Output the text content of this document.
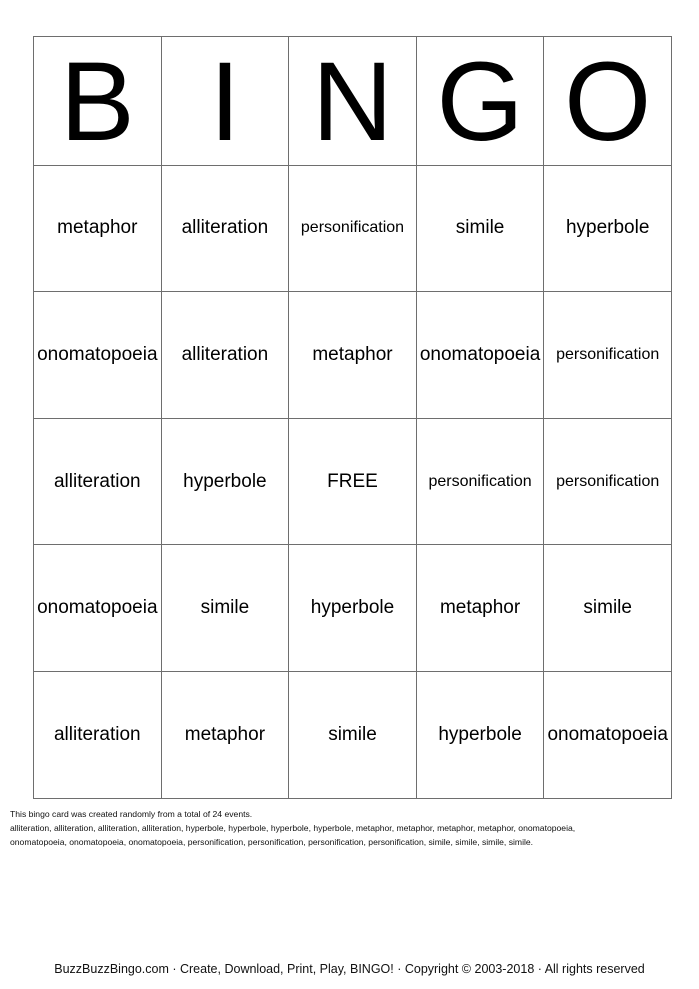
B	I	N	G	O
metaphor	alliteration	personification	simile	hyperbole
onomatopoeia	alliteration	metaphor	onomatopoeia	personification
alliteration	hyperbole	FREE	personification	personification
onomatopoeia	simile	hyperbole	metaphor	simile
alliteration	metaphor	simile	hyperbole	onomatopoeia
This bingo card was created randomly from a total of 24 events.
alliteration, alliteration, alliteration, alliteration, hyperbole, hyperbole, hyperbole, hyperbole, metaphor, metaphor, metaphor, metaphor, onomatopoeia,
onomatopoeia, onomatopoeia, onomatopoeia, personification, personification, personification, personification, simile, simile, simile, simile.
BuzzBuzzBingo.com · Create, Download, Print, Play, BINGO! · Copyright © 2003-2018 · All rights reserved
